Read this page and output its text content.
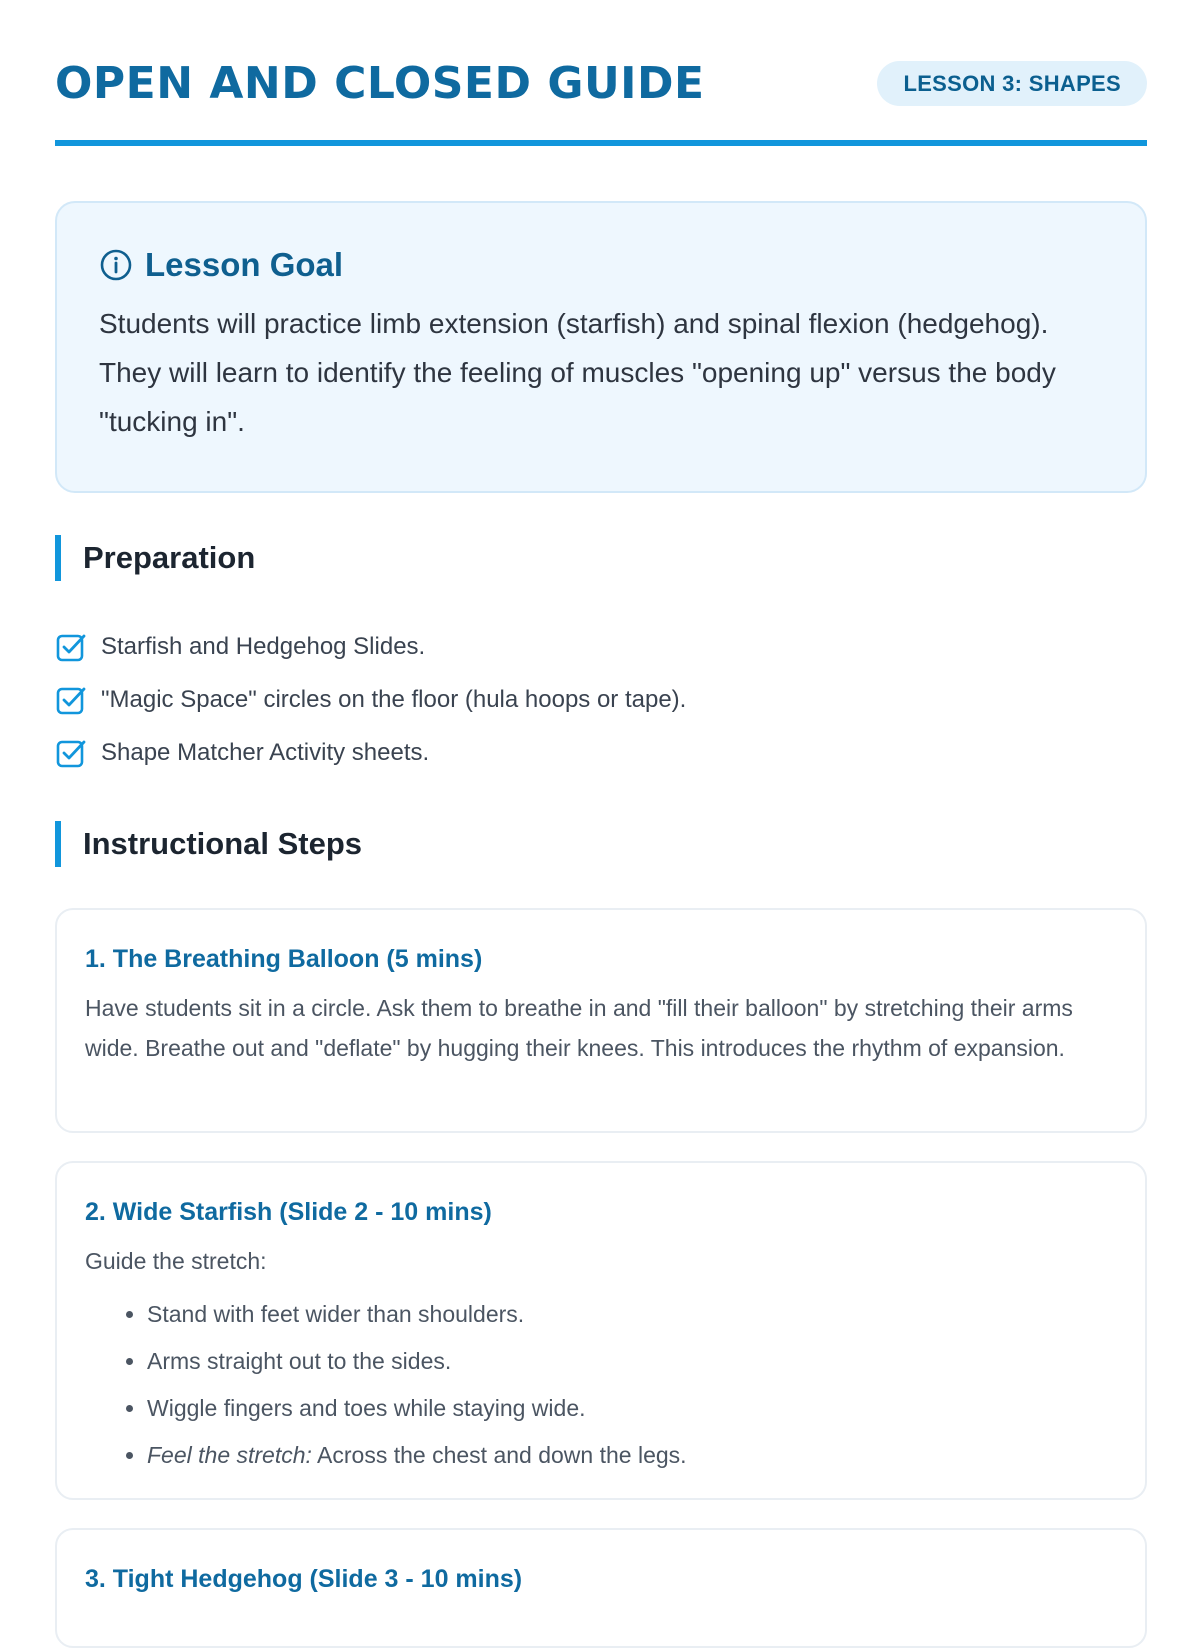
OPEN AND CLOSED GUIDE	LESSON 3: SHAPES
Lesson Goal
Students will practice limb extension (starfish) and spinal flexion (hedgehog). They will learn to identify the feeling of muscles "opening up" versus the body "tucking in".
Preparation
Starfish and Hedgehog Slides.
"Magic Space" circles on the floor (hula hoops or tape).
Shape Matcher Activity sheets.
Instructional Steps
1. The Breathing Balloon (5 mins)
Have students sit in a circle. Ask them to breathe in and "fill their balloon" by stretching their arms wide. Breathe out and "deflate" by hugging their knees. This introduces the rhythm of expansion.
2. Wide Starfish (Slide 2 - 10 mins)
Guide the stretch:
• Stand with feet wider than shoulders.
• Arms straight out to the sides.
• Wiggle fingers and toes while staying wide.
• Feel the stretch: Across the chest and down the legs.
3. Tight Hedgehog (Slide 3 - 10 mins)
